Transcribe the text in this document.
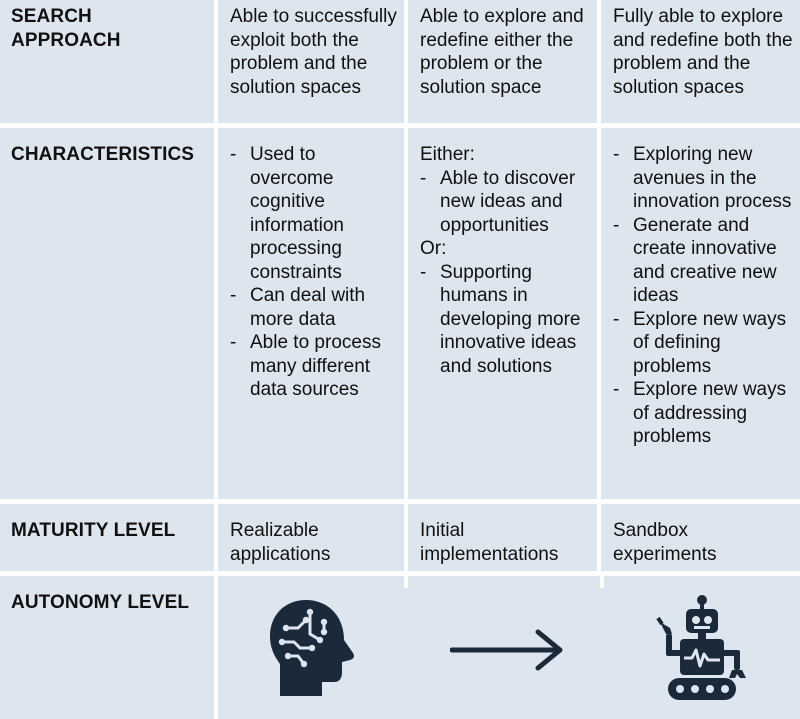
SEARCH APPROACH
Able to successfully exploit both the problem and the solution spaces
Able to explore and redefine either the problem or the solution space
Fully able to explore and redefine both the problem and the solution spaces
CHARACTERISTICS
-	Used to overcome cognitive information processing constraints
- Can deal with more data
- Able to process many different data sources

Either:

- Able to discover new ideas and opportunities

Or:

- Supporting humans in developing more innovative ideas and solutions
- Exploring new avenues in the innovation process
- Generate and create innovative and creative new ideas
- Explore new ways of defining problems
- Explore new ways of addressing problems
MATURITY LEVEL	Realizable applications
Initial implementations
Sandbox experiments
AUTONOMY LEVEL
